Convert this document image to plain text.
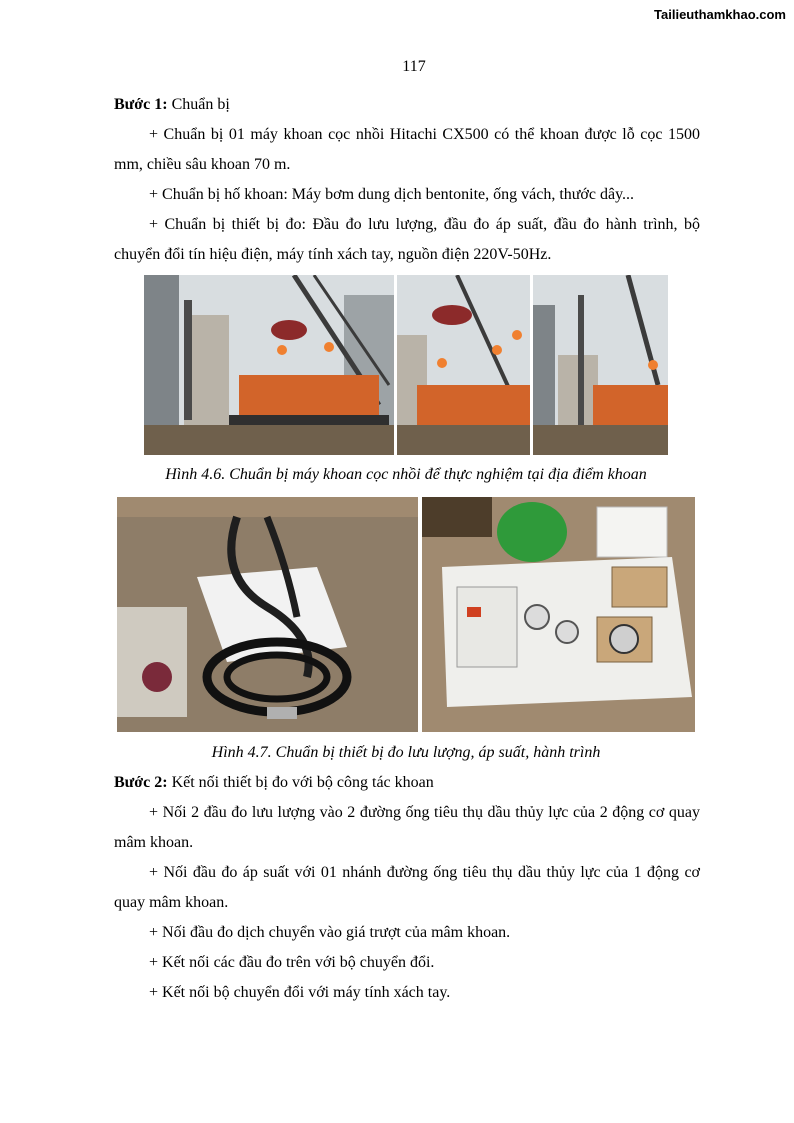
Tailieuthamkhao.com
117

Bước 1: Chuẩn bị

+ Chuẩn bị 01 máy khoan cọc nhồi Hitachi CX500 có thể khoan được lỗ cọc 1500 mm, chiều sâu khoan 70 m.

+ Chuẩn bị hố khoan: Máy bơm dung dịch bentonite, ống vách, thước dây...

+ Chuẩn bị thiết bị đo: Đầu đo lưu lượng, đầu đo áp suất, đầu đo hành trình, bộ chuyển đổi tín hiệu điện, máy tính xách tay, nguồn điện 220V-50Hz.

Hình 4.6. Chuẩn bị máy khoan cọc nhồi để thực nghiệm tại địa điểm khoan
Hình 4.7. Chuẩn bị thiết bị đo lưu lượng, áp suất, hành trình

Bước 2: Kết nối thiết bị đo với bộ công tác khoan

+ Nối 2 đầu đo lưu lượng vào 2 đường ống tiêu thụ dầu thủy lực của 2 động cơ quay mâm khoan.

+ Nối đầu đo áp suất với 01 nhánh đường ống tiêu thụ dầu thủy lực của 1 động cơ quay mâm khoan.

+ Nối đầu đo dịch chuyển vào giá trượt của mâm khoan.

+ Kết nối các đầu đo trên với bộ chuyển đổi.

+ Kết nối bộ chuyển đổi với máy tính xách tay.
